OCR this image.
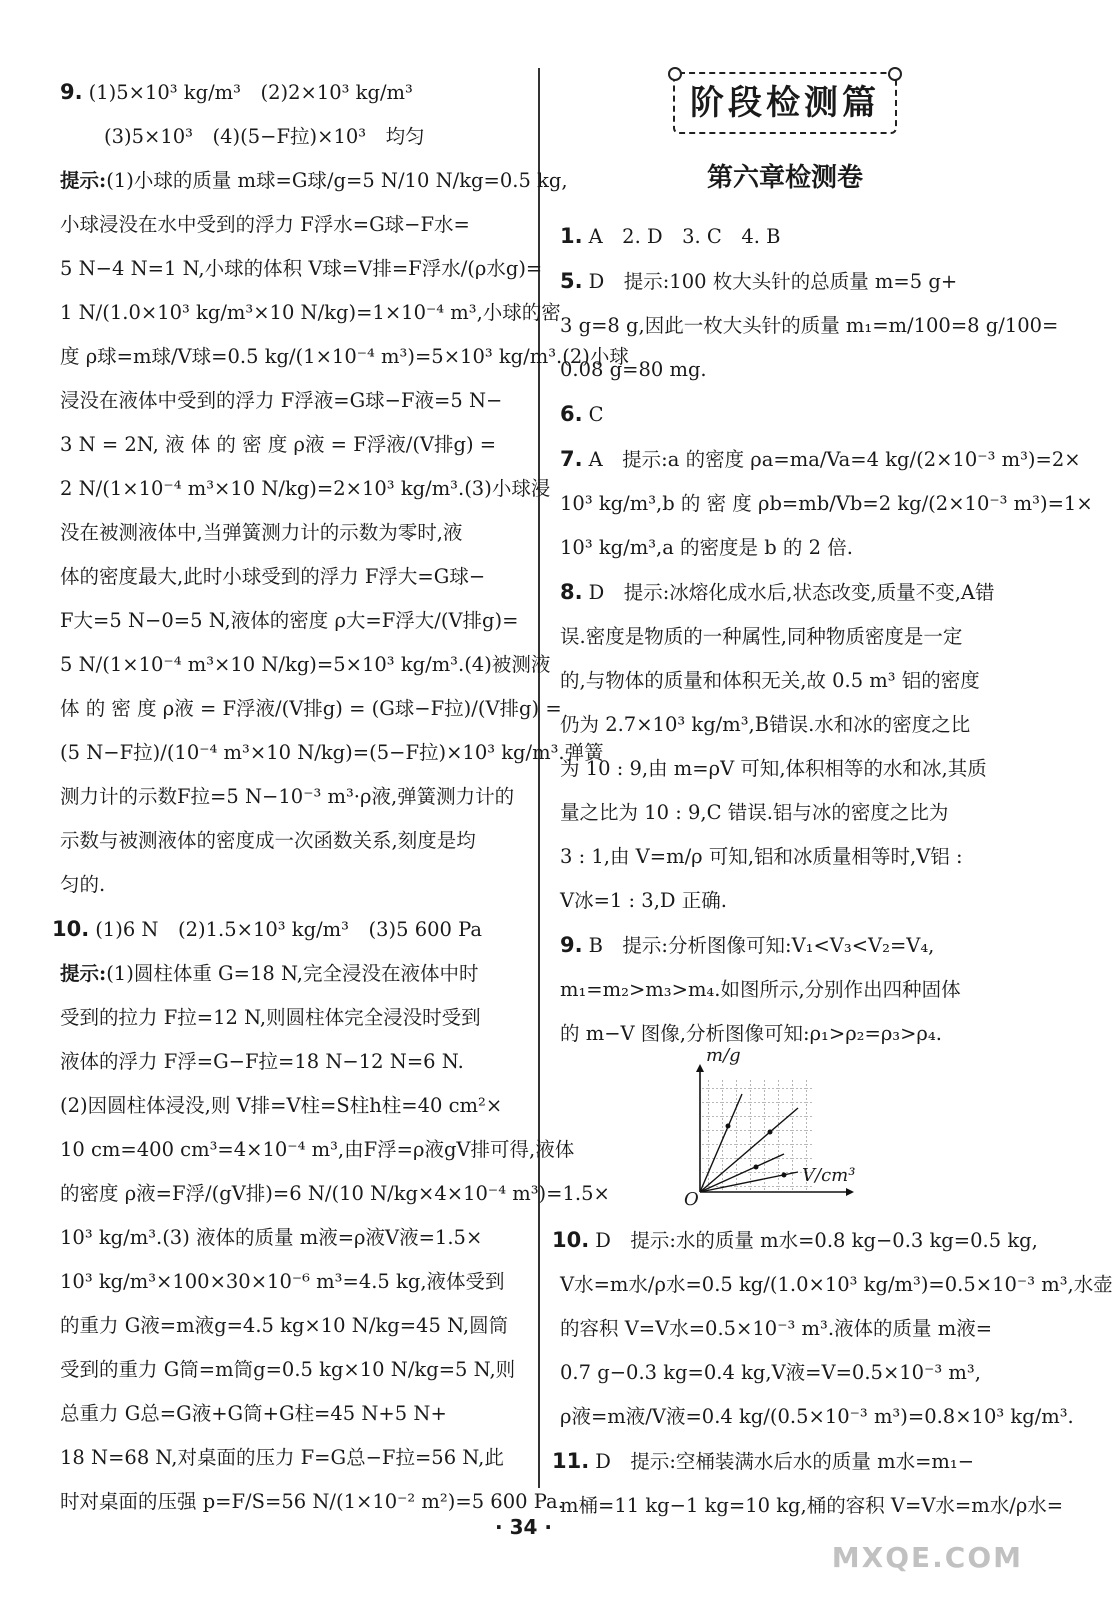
9. (1)5×10³ kg/m³　(2)2×10³ kg/m³
(3)5×10³　(4)(5−F拉)×10³　均匀
提示:(1)小球的质量 m球=G球/g=5 N/10 N/kg=0.5 kg,
小球浸没在水中受到的浮力 F浮水=G球−F水=
5 N−4 N=1 N,小球的体积 V球=V排=F浮水/(ρ水g)=
1 N/(1.0×10³ kg/m³×10 N/kg)=1×10⁻⁴ m³,小球的密
度 ρ球=m球/V球=0.5 kg/(1×10⁻⁴ m³)=5×10³ kg/m³.(2)小球
浸没在液体中受到的浮力 F浮液=G球−F液=5 N−
3 N = 2N, 液 体 的 密 度 ρ液 = F浮液/(V排g) =
2 N/(1×10⁻⁴ m³×10 N/kg)=2×10³ kg/m³.(3)小球浸
没在被测液体中,当弹簧测力计的示数为零时,液
体的密度最大,此时小球受到的浮力 F浮大=G球−
F大=5 N−0=5 N,液体的密度 ρ大=F浮大/(V排g)=
5 N/(1×10⁻⁴ m³×10 N/kg)=5×10³ kg/m³.(4)被测液
体 的 密 度 ρ液 = F浮液/(V排g) = (G球−F拉)/(V排g) =
(5 N−F拉)/(10⁻⁴ m³×10 N/kg)=(5−F拉)×10³ kg/m³.弹簧
测力计的示数F拉=5 N−10⁻³ m³·ρ液,弹簧测力计的
示数与被测液体的密度成一次函数关系,刻度是均
匀的.
10. (1)6 N　(2)1.5×10³ kg/m³　(3)5 600 Pa
提示:(1)圆柱体重 G=18 N,完全浸没在液体中时
受到的拉力 F拉=12 N,则圆柱体完全浸没时受到
液体的浮力 F浮=G−F拉=18 N−12 N=6 N.
(2)因圆柱体浸没,则 V排=V柱=S柱h柱=40 cm²×
10 cm=400 cm³=4×10⁻⁴ m³,由F浮=ρ液gV排可得,液体
的密度 ρ液=F浮/(gV排)=6 N/(10 N/kg×4×10⁻⁴ m³)=1.5×
10³ kg/m³.(3) 液体的质量 m液=ρ液V液=1.5×
10³ kg/m³×100×30×10⁻⁶ m³=4.5 kg,液体受到
的重力 G液=m液g=4.5 kg×10 N/kg=45 N,圆筒
受到的重力 G筒=m筒g=0.5 kg×10 N/kg=5 N,则
总重力 G总=G液+G筒+G柱=45 N+5 N+
18 N=68 N,对桌面的压力 F=G总−F拉=56 N,此
时对桌面的压强 p=F/S=56 N/(1×10⁻² m²)=5 600 Pa.
阶段检测篇
第六章检测卷
1. A　2. D　3. C　4. B
5. D　提示:100 枚大头针的总质量 m=5 g+
3 g=8 g,因此一枚大头针的质量 m₁=m/100=8 g/100=
0.08 g=80 mg.
6. C
7. A　提示:a 的密度 ρa=ma/Va=4 kg/(2×10⁻³ m³)=2×
10³ kg/m³,b 的 密 度 ρb=mb/Vb=2 kg/(2×10⁻³ m³)=1×
10³ kg/m³,a 的密度是 b 的 2 倍.
8. D　提示:冰熔化成水后,状态改变,质量不变,A错
误.密度是物质的一种属性,同种物质密度是一定
的,与物体的质量和体积无关,故 0.5 m³ 铝的密度
仍为 2.7×10³ kg/m³,B错误.水和冰的密度之比
为 10 : 9,由 m=ρV 可知,体积相等的水和冰,其质
量之比为 10 : 9,C 错误.铝与冰的密度之比为
3 : 1,由 V=m/ρ 可知,铝和冰质量相等时,V铝 :
V冰=1 : 3,D 正确.
9. B　提示:分析图像可知:V₁<V₃<V₂=V₄,
m₁=m₂>m₃>m₄.如图所示,分别作出四种固体
的 m−V 图像,分析图像可知:ρ₁>ρ₂=ρ₃>ρ₄.
m/g
V/cm³
O
10. D　提示:水的质量 m水=0.8 kg−0.3 kg=0.5 kg,
V水=m水/ρ水=0.5 kg/(1.0×10³ kg/m³)=0.5×10⁻³ m³,水壶
的容积 V=V水=0.5×10⁻³ m³.液体的质量 m液=
0.7 g−0.3 kg=0.4 kg,V液=V=0.5×10⁻³ m³,
ρ液=m液/V液=0.4 kg/(0.5×10⁻³ m³)=0.8×10³ kg/m³.
11. D　提示:空桶装满水后水的质量 m水=m₁−
m桶=11 kg−1 kg=10 kg,桶的容积 V=V水=m水/ρ水=
· 34 ·
MXQE.COM
